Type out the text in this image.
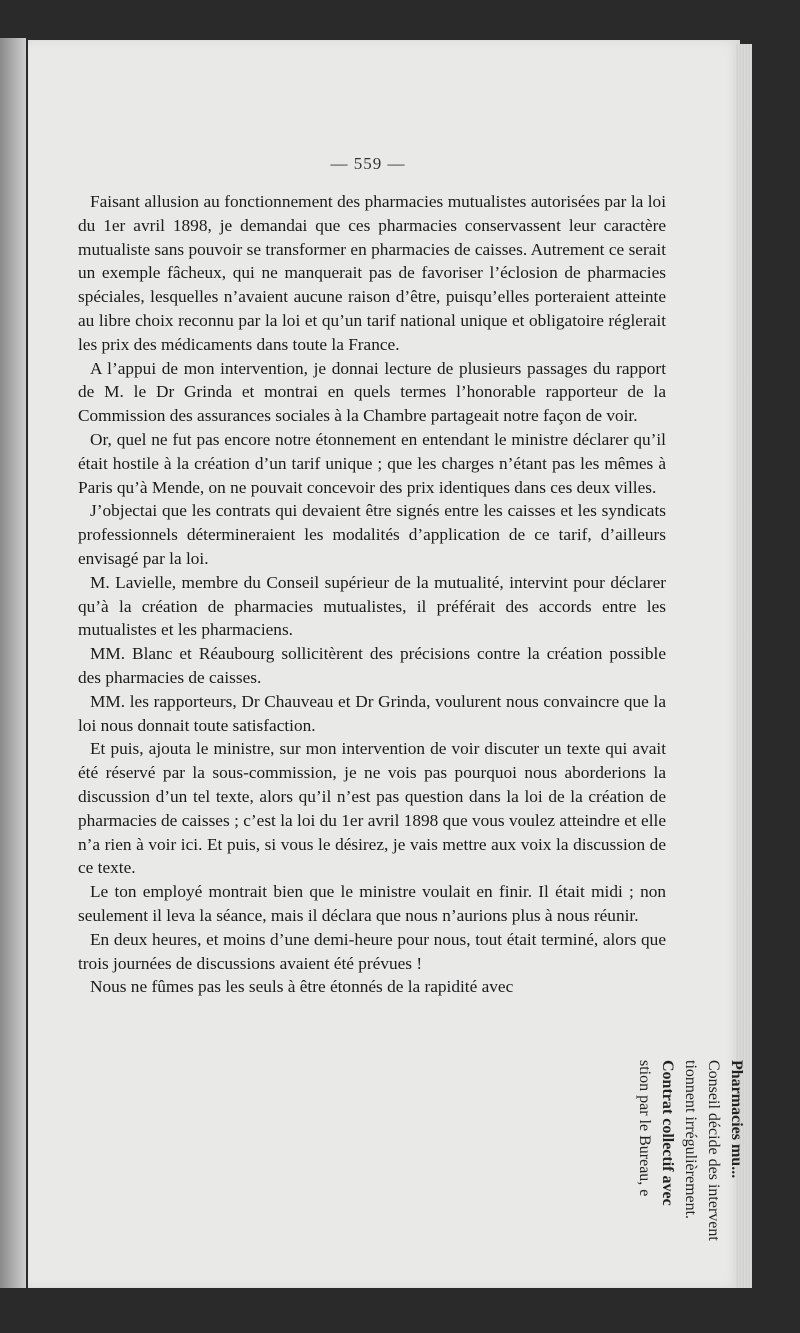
— 559 —

Faisant allusion au fonctionnement des pharmacies mutualistes autorisées par la loi du 1er avril 1898, je demandai que ces pharmacies conservassent leur caractère mutualiste sans pouvoir se transformer en pharmacies de caisses. Autrement ce serait un exemple fâcheux, qui ne manquerait pas de favoriser l’éclosion de pharmacies spéciales, lesquelles n’avaient aucune raison d’être, puisqu’elles porteraient atteinte au libre choix reconnu par la loi et qu’un tarif national unique et obligatoire réglerait les prix des médicaments dans toute la France.

A l’appui de mon intervention, je donnai lecture de plusieurs passages du rapport de M. le Dr Grinda et montrai en quels termes l’honorable rapporteur de la Commission des assurances sociales à la Chambre partageait notre façon de voir.

Or, quel ne fut pas encore notre étonnement en entendant le ministre déclarer qu’il était hostile à la création d’un tarif unique ; que les charges n’étant pas les mêmes à Paris qu’à Mende, on ne pouvait concevoir des prix identiques dans ces deux villes.

J’objectai que les contrats qui devaient être signés entre les caisses et les syndicats professionnels détermineraient les modalités d’application de ce tarif, d’ailleurs envisagé par la loi.

M. Lavielle, membre du Conseil supérieur de la mutualité, intervint pour déclarer qu’à la création de pharmacies mutualistes, il préférait des accords entre les mutualistes et les pharmaciens.

MM. Blanc et Réaubourg sollicitèrent des précisions contre la création possible des pharmacies de caisses.

MM. les rapporteurs, Dr Chauveau et Dr Grinda, voulurent nous convaincre que la loi nous donnait toute satisfaction.

Et puis, ajouta le ministre, sur mon intervention de voir discuter un texte qui avait été réservé par la sous-commission, je ne vois pas pourquoi nous aborderions la discussion d’un tel texte, alors qu’il n’est pas question dans la loi de la création de pharmacies de caisses ; c’est la loi du 1er avril 1898 que vous voulez atteindre et elle n’a rien à voir ici. Et puis, si vous le désirez, je vais mettre aux voix la discussion de ce texte.

Le ton employé montrait bien que le ministre voulait en finir. Il était midi ; non seulement il leva la séance, mais il déclara que nous n’aurions plus à nous réunir.

En deux heures, et moins d’une demi-heure pour nous, tout était terminé, alors que trois journées de discussions avaient été prévues !

Nous ne fûmes pas les seuls à être étonnés de la rapidité avec

Pharmacies mu...
Conseil décide des intervent
tionnent irrégulièrement.
Contrat collectif avec
stion par le Bureau, e
